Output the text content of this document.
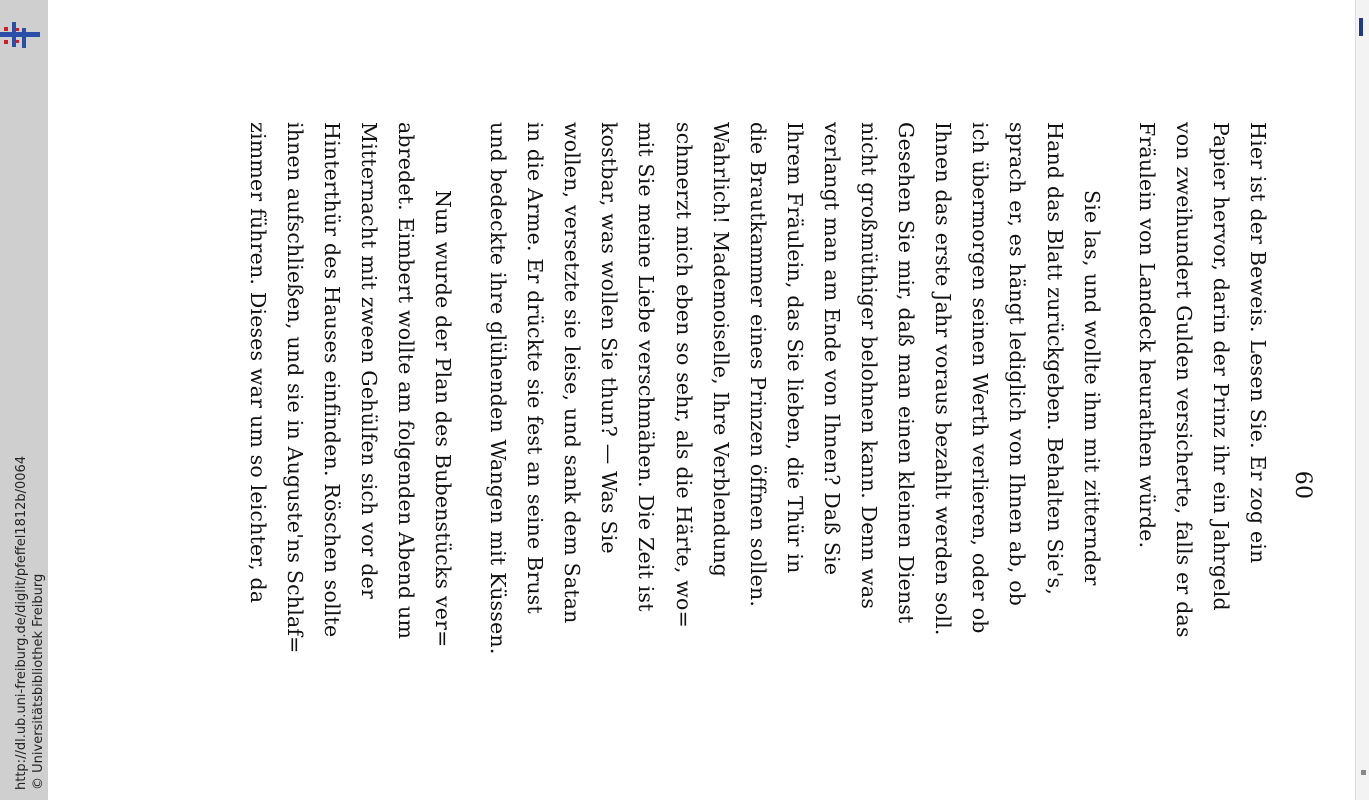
http://dl.ub.uni-freiburg.de/diglit/pfeffel1812b/0064 © Universitätsbibliothek Freiburg
60
Hier ist der Beweis. Lesen Sie. Er zog ein
Papier hervor, darin der Prinz ihr ein Jahrgeld
von zweihundert Gulden versicherte, falls er das
Fräulein von Landeck heurathen würde.
Sie las, und wollte ihm mit zitternder
Hand das Blatt zurückgeben. Behalten Sie's,
sprach er, es hängt lediglich von Ihnen ab, ob
ich übermorgen seinen Werth verlieren, oder ob
Ihnen das erste Jahr voraus bezahlt werden soll.
Gesehen Sie mir, daß man einen kleinen Dienst
nicht großmüthiger belohnen kann. Denn was
verlangt man am Ende von Ihnen? Daß Sie
Ihrem Fräulein, das Sie lieben, die Thür in
die Brautkammer eines Prinzen öffnen sollen.
Wahrlich! Mademoiselle, Ihre Verblendung
schmerzt mich eben so sehr, als die Härte, wo=
mit Sie meine Liebe verschmähen. Die Zeit ist
kostbar, was wollen Sie thun? — Was Sie
wollen, versetzte sie leise, und sank dem Satan
in die Arme. Er drückte sie fest an seine Brust
und bedeckte ihre glühenden Wangen mit Küssen.
Nun wurde der Plan des Bubenstücks ver=
abredet. Eimbert wollte am folgenden Abend um
Mitternacht mit zween Gehülfen sich vor der
Hinterthür des Hauses einfinden. Röschen sollte
ihnen aufschließen, und sie in Auguste'ns Schlaf=
zimmer führen. Dieses war um so leichter, da
